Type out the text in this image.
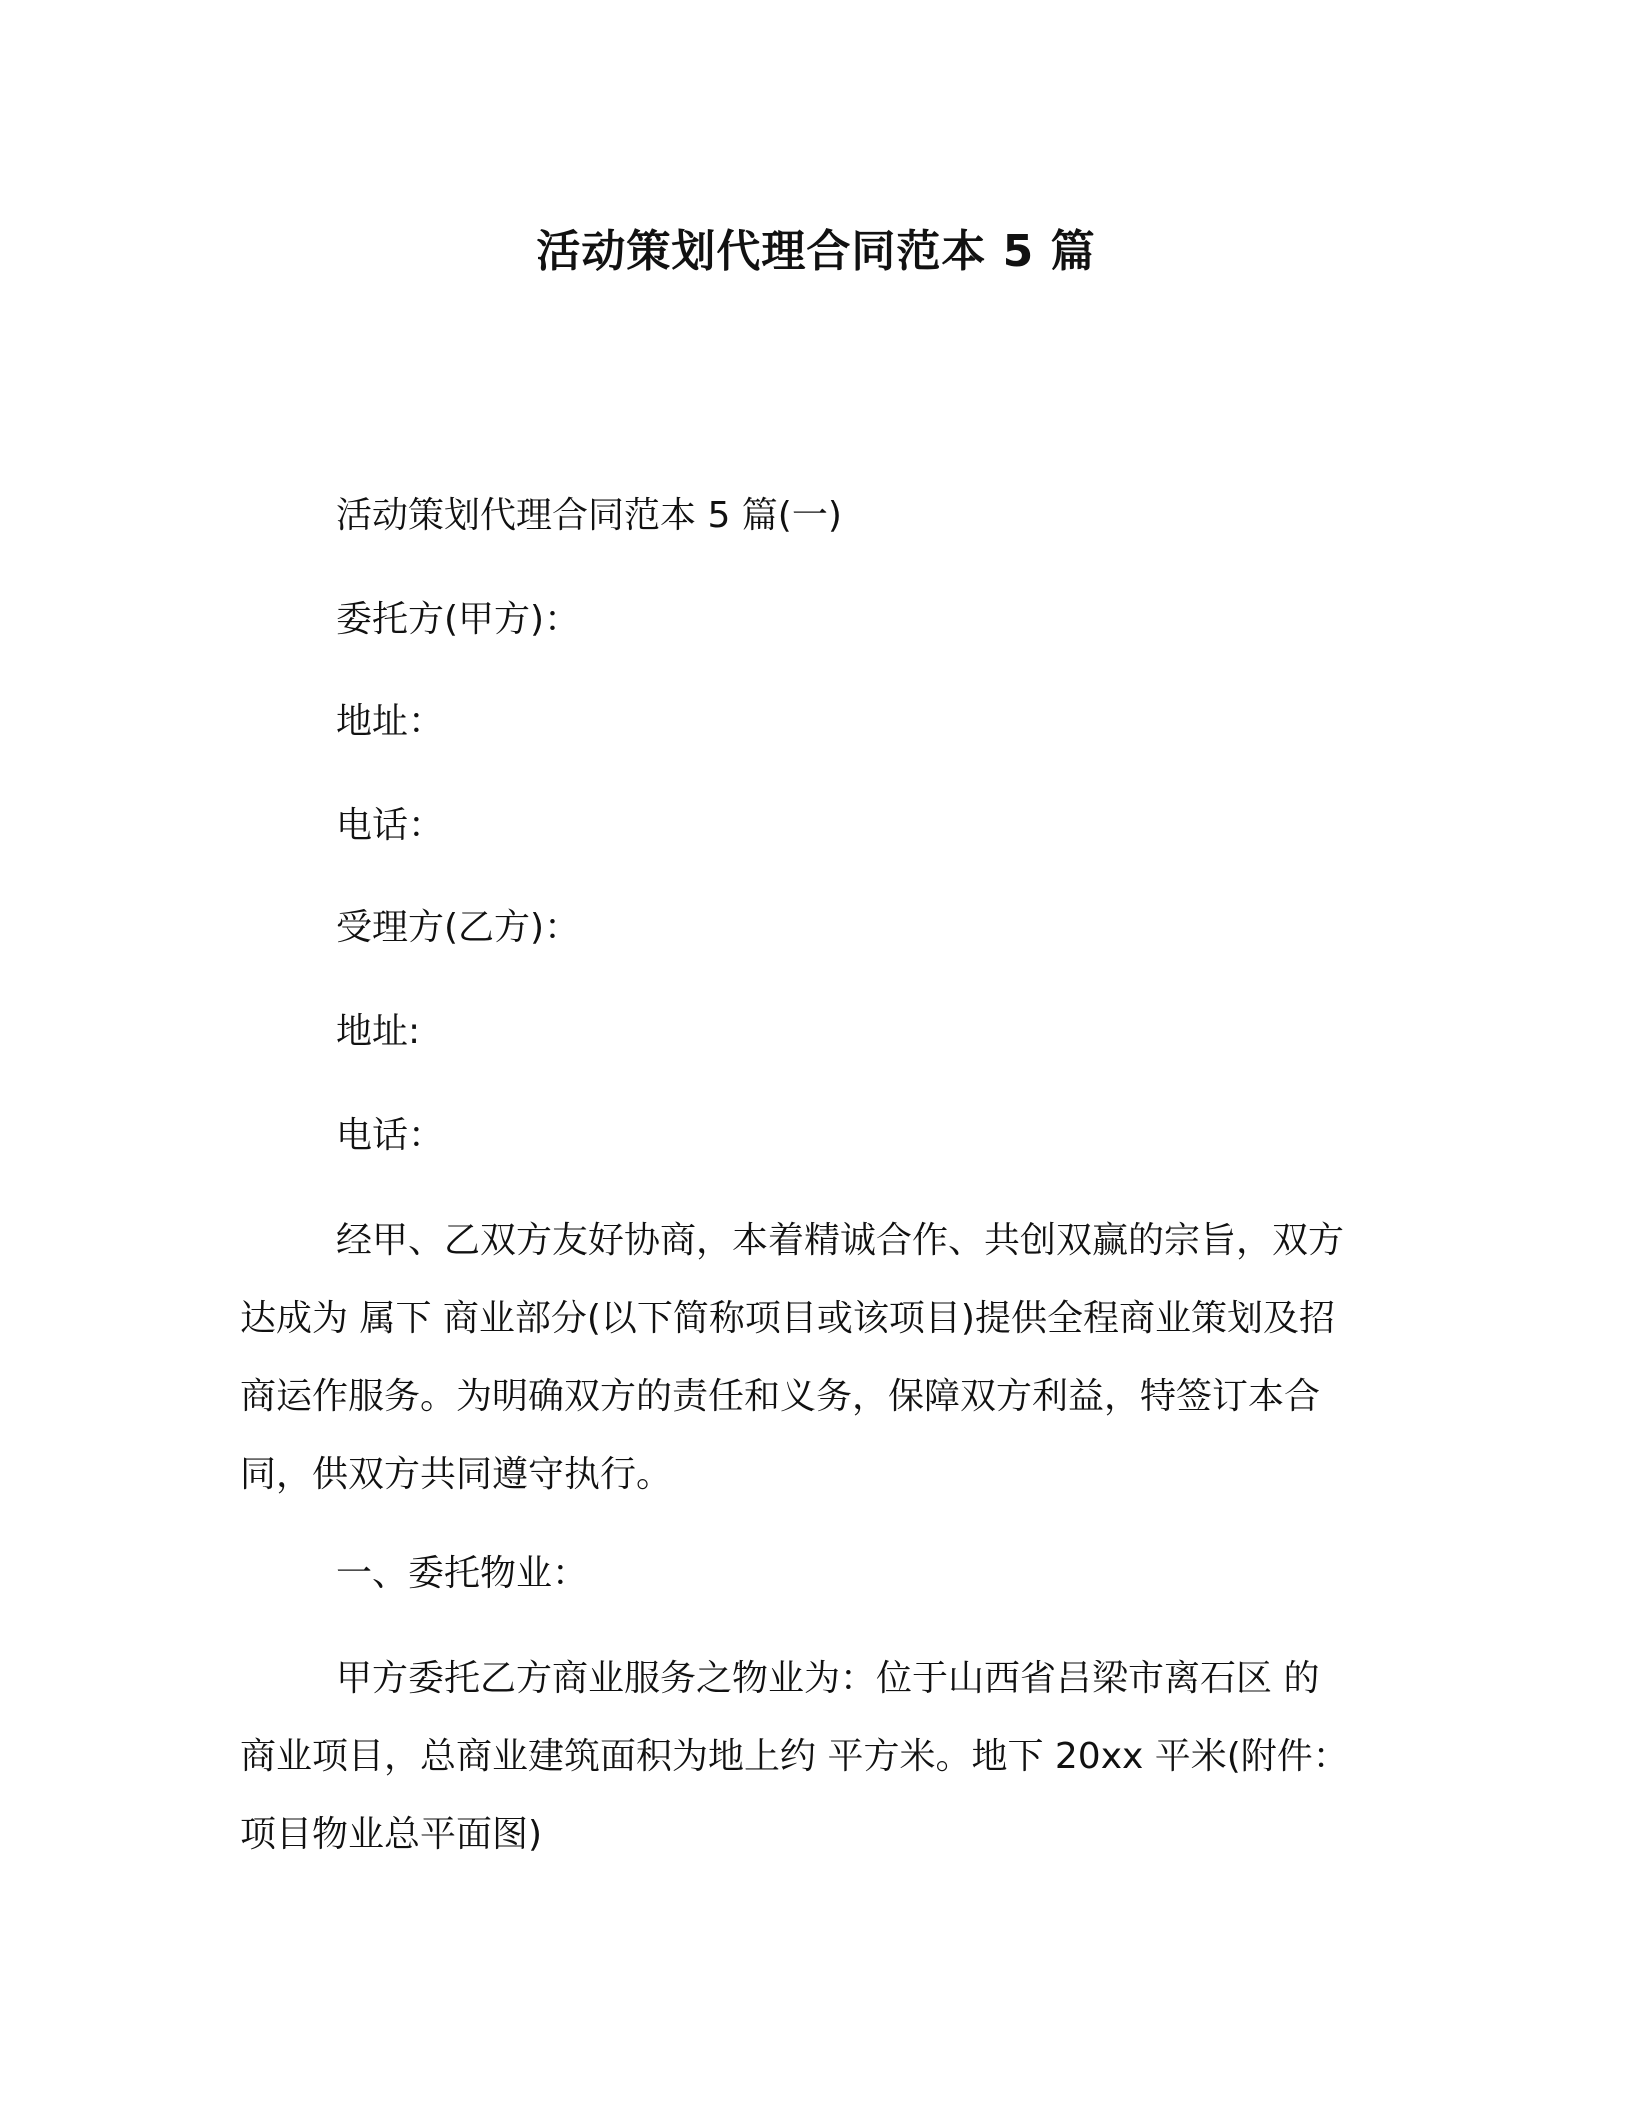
活动策划代理合同范本 5 篇

活动策划代理合同范本 5 篇(一)

委托方(甲方)：

地址：

电话：

受理方(乙方)：

地址:

电话：

经甲、乙双方友好协商，本着精诚合作、共创双赢的宗旨，双方
达成为 属下 商业部分(以下简称项目或该项目)提供全程商业策划及招
商运作服务。为明确双方的责任和义务，保障双方利益，特签订本合
同，供双方共同遵守执行。

一、委托物业：

甲方委托乙方商业服务之物业为：位于山西省吕梁市离石区 的
商业项目，总商业建筑面积为地上约 平方米。地下 20xx 平米(附件：
项目物业总平面图)
